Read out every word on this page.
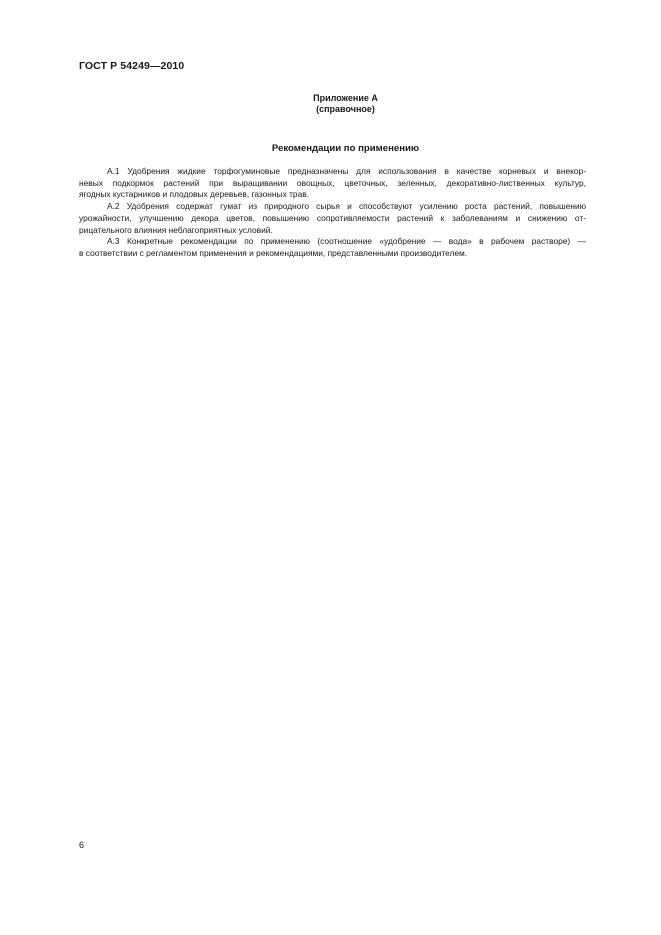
ГОСТ Р 54249—2010
Приложение А
(справочное)
Рекомендации по применению
А.1 Удобрения жидкие торфогуминовые предназначены для использования в качестве корневых и внекор-
невых подкормок растений при выращивании овощных, цветочных, зеленных, декоративно-лиственных культур,
ягодных кустарников и плодовых деревьев, газонных трав.
А.2 Удобрения содержат гумат из природного сырья и способствуют усилению роста растений, повышению
урожайности, улучшению декора цветов, повышению сопротивляемости растений к заболеваниям и снижению от-
рицательного влияния неблагоприятных условий.
А.3 Конкретные рекомендации по применению (соотношение «удобрение — вода» в рабочем растворе) —
в соответствии с регламентом применения и рекомендациями, представленными производителем.
6
